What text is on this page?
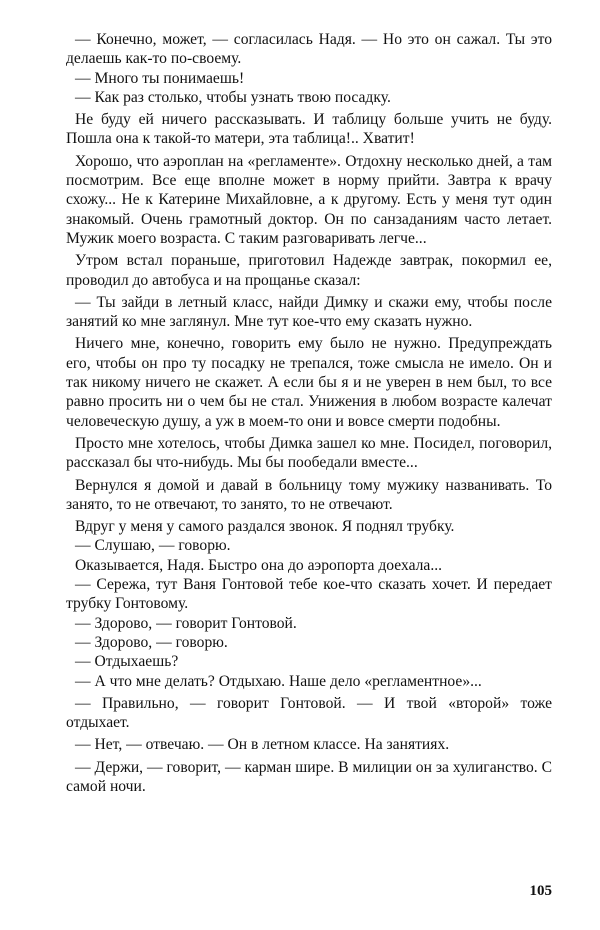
— Конечно, может, — согласилась Надя. — Но это он сажал. Ты это делаешь как-то по-своему.

— Много ты понимаешь!

— Как раз столько, чтобы узнать твою посадку.

Не буду ей ничего рассказывать. И таблицу больше учить не буду. Пошла она к такой-то матери, эта таблица!.. Хватит!

Хорошо, что аэроплан на «регламенте». Отдохну несколько дней, а там посмотрим. Все еще вполне может в норму прийти. Завтра к врачу схожу... Не к Катерине Михайловне, а к другому. Есть у меня тут один знакомый. Очень грамотный доктор. Он по санзаданиям часто летает. Мужик моего возраста. С таким разговаривать легче...

Утром встал пораньше, приготовил Надежде завтрак, покормил ее, проводил до автобуса и на прощанье сказал:

— Ты зайди в летный класс, найди Димку и скажи ему, чтобы после занятий ко мне заглянул. Мне тут кое-что ему сказать нужно.

Ничего мне, конечно, говорить ему было не нужно. Предупреждать его, чтобы он про ту посадку не трепался, тоже смысла не имело. Он и так никому ничего не скажет. А если бы я и не уверен в нем был, то все равно просить ни о чем бы не стал. Унижения в любом возрасте калечат человеческую душу, а уж в моем-то они и вовсе смерти подобны.

Просто мне хотелось, чтобы Димка зашел ко мне. Посидел, поговорил, рассказал бы что-нибудь. Мы бы пообедали вместе...

Вернулся я домой и давай в больницу тому мужику названивать. То занято, то не отвечают, то занято, то не отвечают.

Вдруг у меня у самого раздался звонок. Я поднял трубку.

— Слушаю, — говорю.

Оказывается, Надя. Быстро она до аэропорта доехала...

— Сережа, тут Ваня Гонтовой тебе кое-что сказать хочет. И передает трубку Гонтовому.

— Здорово, — говорит Гонтовой.

— Здорово, — говорю.

— Отдыхаешь?

— А что мне делать? Отдыхаю. Наше дело «регламентное»...

— Правильно, — говорит Гонтовой. — И твой «второй» тоже отдыхает.

— Нет, — отвечаю. — Он в летном классе. На занятиях.

— Держи, — говорит, — карман шире. В милиции он за хулиганство. С самой ночи.

105
